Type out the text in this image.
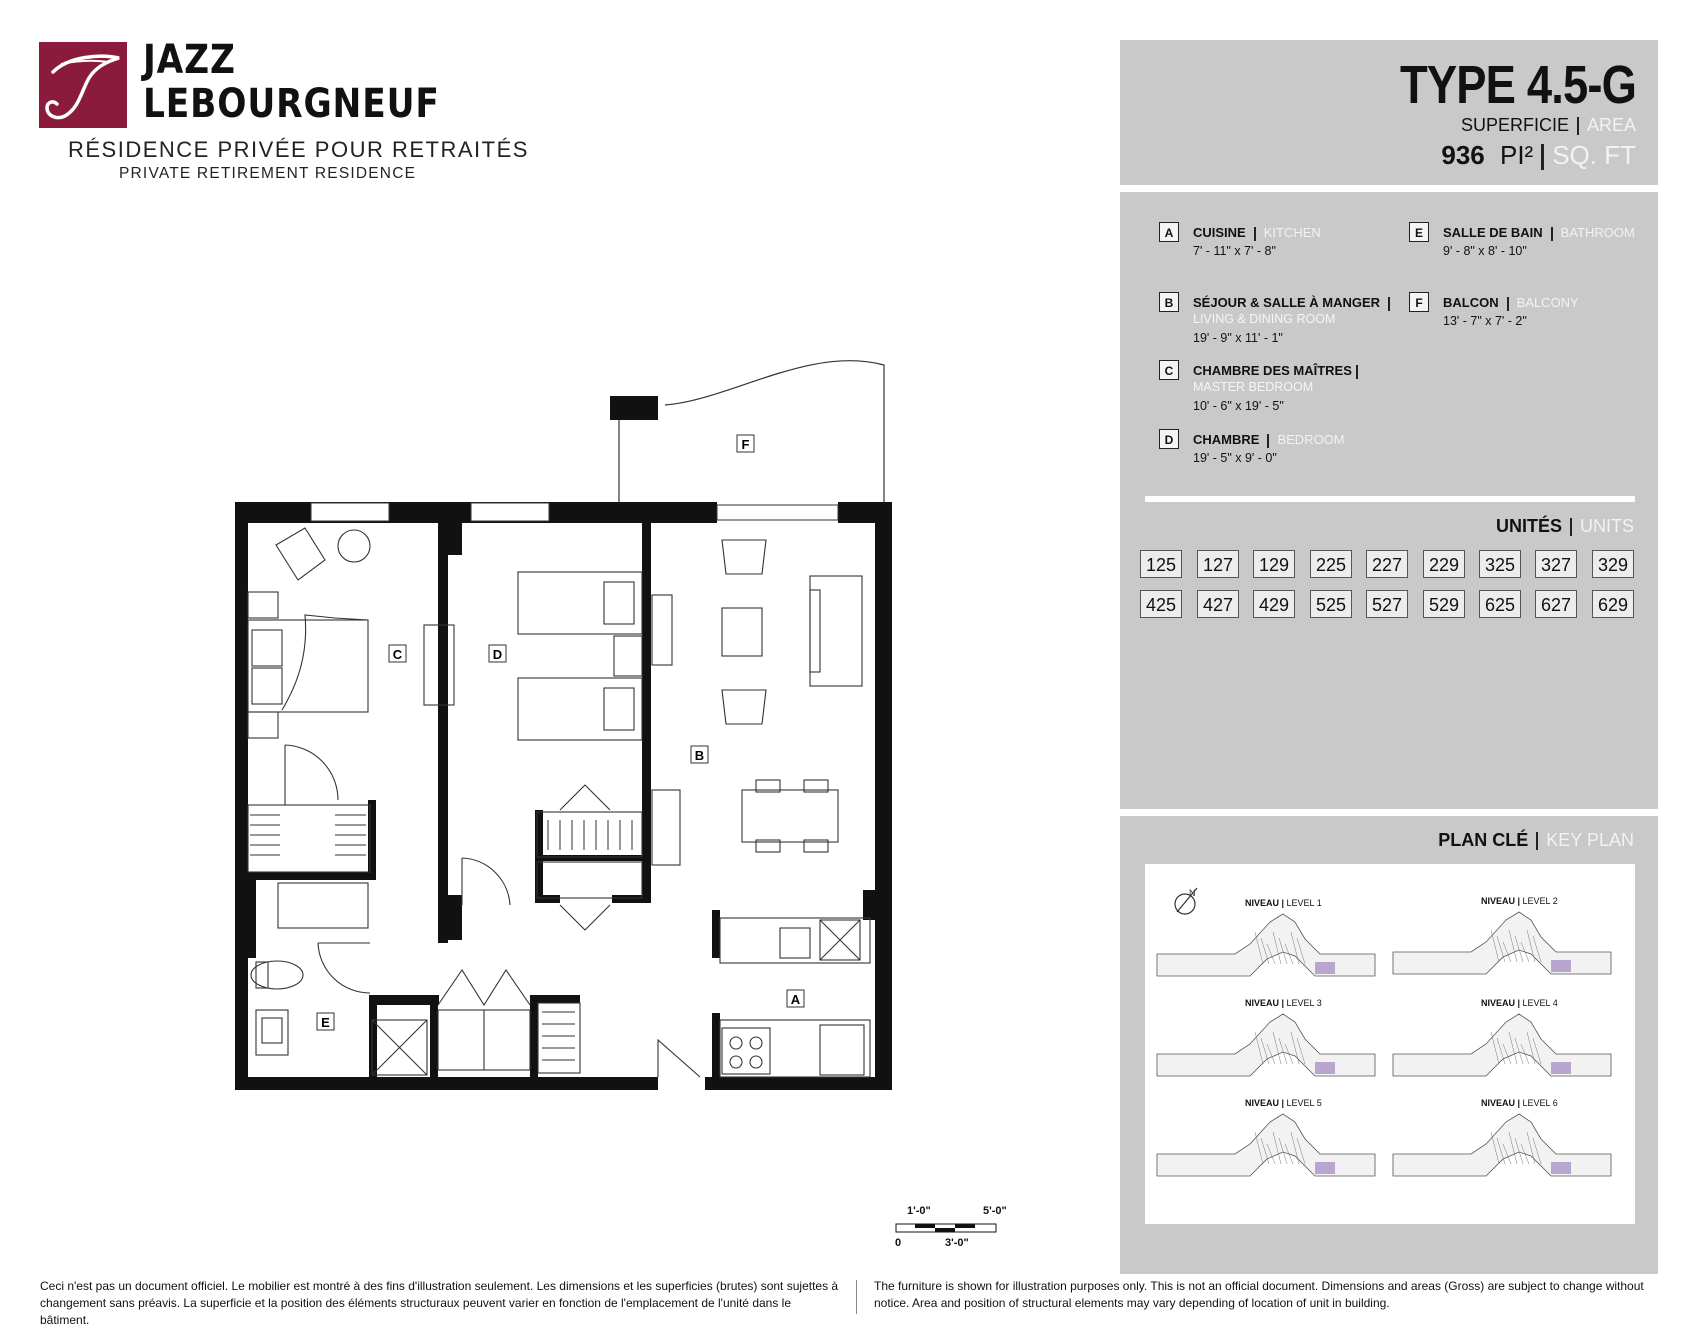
JAZZ
LEBOURGNEUF
RÉSIDENCE PRIVÉE POUR RETRAITÉS
PRIVATE RETIREMENT RESIDENCE
TYPE 4.5-G
SUPERFICIE AREA
936 PI² SQ. FT
A	CUISINE KITCHEN
7' - 11" x 7' - 8"
B	SÉJOUR & SALLE À MANGER
LIVING & DINING ROOM
19' - 9" x 11' - 1"
C	CHAMBRE DES MAÎTRES
MASTER BEDROOM
10' - 6" x 19' - 5"
D	CHAMBRE BEDROOM
19' - 5" x 9' - 0"
E	SALLE DE BAIN BATHROOM
9' - 8" x 8' - 10"
F	BALCON BALCONY
13' - 7" x 7' - 2"
UNITÉS UNITS
125	127	129	225	227	229	325	327	329
425	427	429	525	527	529	625	627	629
PLAN CLÉ KEY PLAN
N
NIVEAU | LEVEL 1	NIVEAU | LEVEL 2
NIVEAU | LEVEL 3	NIVEAU | LEVEL 4
NIVEAU | LEVEL 5	NIVEAU | LEVEL 6
A
B
C	D
E
F
1'-0"	5'-0"
0	3'-0"
Ceci n'est pas un document officiel. Le mobilier est montré à des fins d'illustration seulement. Les dimensions et les superficies (brutes) sont sujettes à changement sans préavis. La superficie et la position des éléments structuraux peuvent varier en fonction de l'emplacement de l'unité dans le bâtiment.
The furniture is shown for illustration purposes only. This is not an official document. Dimensions and areas (Gross) are subject to change without notice. Area and position of structural elements may vary depending of location of unit in building.
